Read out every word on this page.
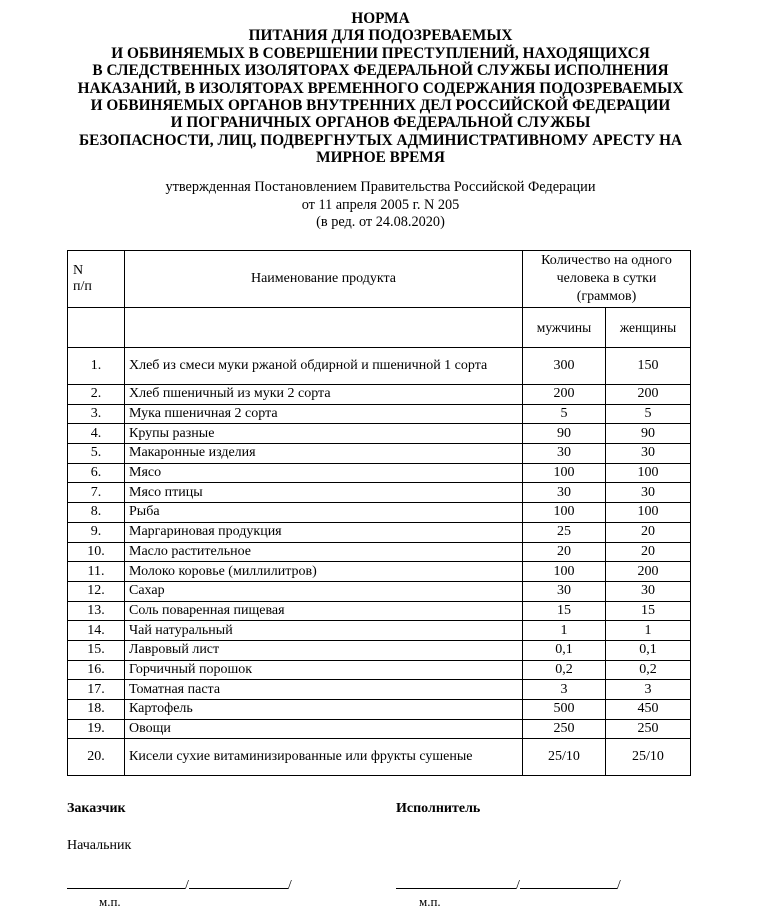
НОРМА
ПИТАНИЯ ДЛЯ ПОДОЗРЕВАЕМЫХ
И ОБВИНЯЕМЫХ В СОВЕРШЕНИИ ПРЕСТУПЛЕНИЙ, НАХОДЯЩИХСЯ
В СЛЕДСТВЕННЫХ ИЗОЛЯТОРАХ ФЕДЕРАЛЬНОЙ СЛУЖБЫ ИСПОЛНЕНИЯ
НАКАЗАНИЙ, В ИЗОЛЯТОРАХ ВРЕМЕННОГО СОДЕРЖАНИЯ ПОДОЗРЕВАЕМЫХ
И ОБВИНЯЕМЫХ ОРГАНОВ ВНУТРЕННИХ ДЕЛ РОССИЙСКОЙ ФЕДЕРАЦИИ
И ПОГРАНИЧНЫХ ОРГАНОВ ФЕДЕРАЛЬНОЙ СЛУЖБЫ
БЕЗОПАСНОСТИ, ЛИЦ, ПОДВЕРГНУТЫХ АДМИНИСТРАТИВНОМУ АРЕСТУ НА
МИРНОЕ ВРЕМЯ
утвержденная Постановлением Правительства Российской Федерации
от 11 апреля 2005 г. N 205
(в ред. от 24.08.2020)
N
п/п	Наименование продукта	Количество на одного человека в сутки (граммов)	
		мужчины	женщины
1.	Хлеб из смеси муки ржаной обдирной и пшеничной 1 сорта	300	150
2.	Хлеб пшеничный из муки 2 сорта	200	200
3.	Мука пшеничная 2 сорта	5	5
4.	Крупы разные	90	90
5.	Макаронные изделия	30	30
6.	Мясо	100	100
7.	Мясо птицы	30	30
8.	Рыба	100	100
9.	Маргариновая продукция	25	20
10.	Масло растительное	20	20
11.	Молоко коровье (миллилитров)	100	200
12.	Сахар	30	30
13.	Соль поваренная пищевая	15	15
14.	Чай натуральный	1	1
15.	Лавровый лист	0,1	0,1
16.	Горчичный порошок	0,2	0,2
17.	Томатная паста	3	3
18.	Картофель	500	450
19.	Овощи	250	250
20.	Кисели сухие витаминизированные или фрукты сушеные	25/10	25/10
Заказчик	Исполнитель
Начальник
/	/	/	/
м.п.	м.п.
